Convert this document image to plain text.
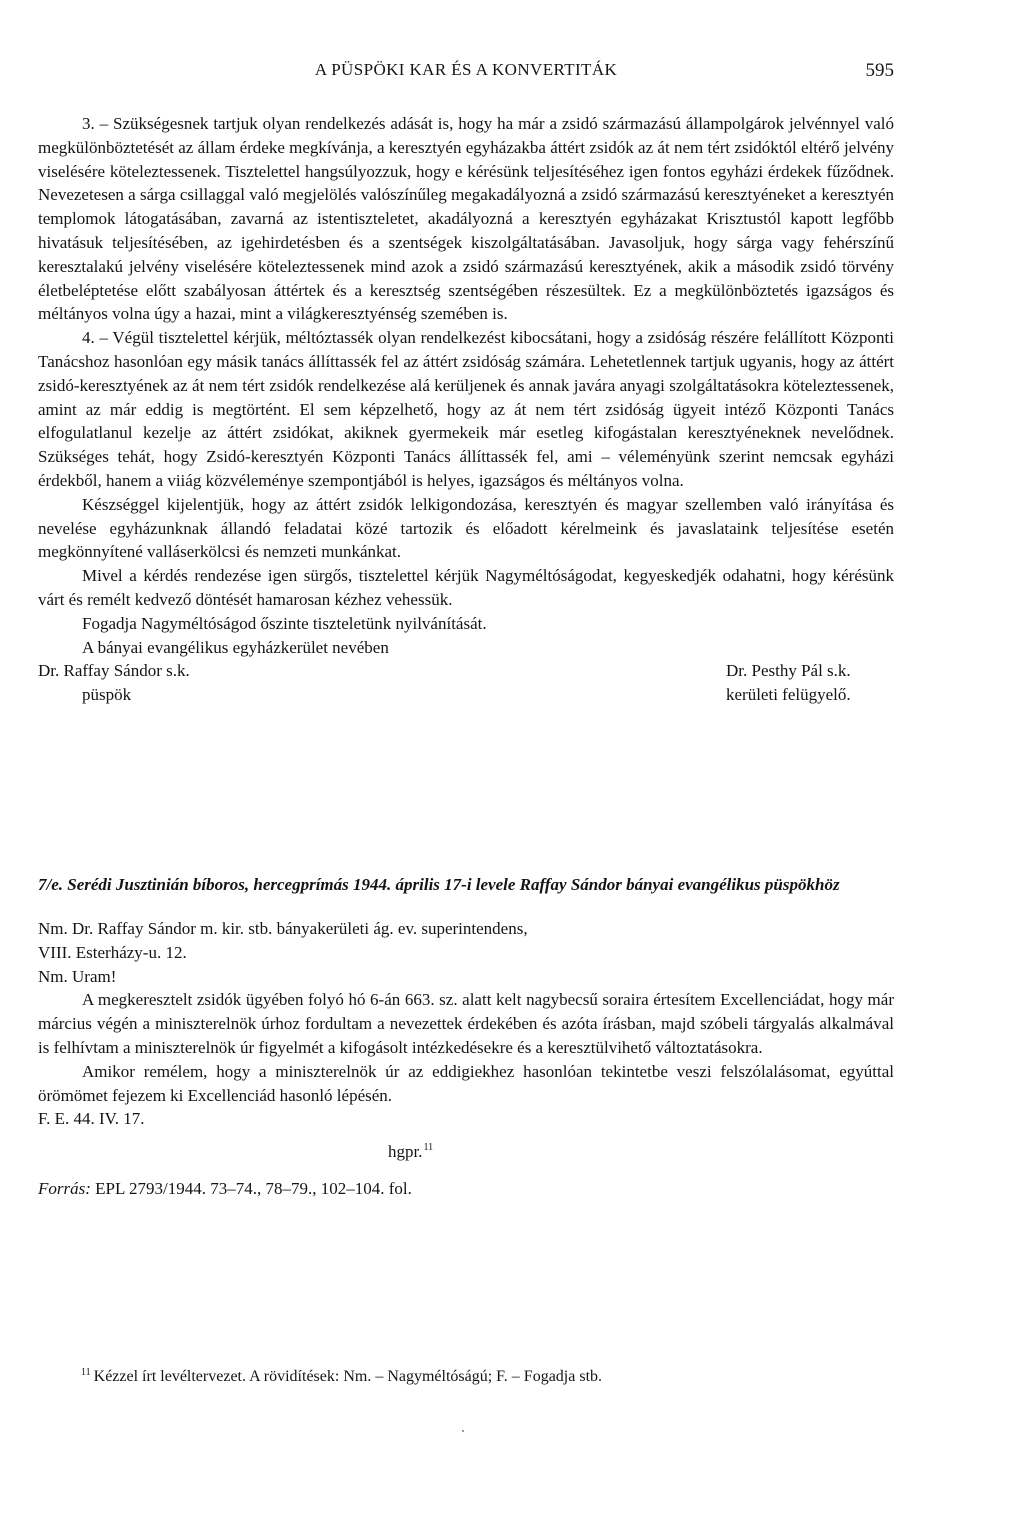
A PÜSPÖKI KAR ÉS A KONVERTITÁK	595

3. – Szükségesnek tartjuk olyan rendelkezés adását is, hogy ha már a zsidó származású állampolgárok jelvénnyel való megkülönböztetését az állam érdeke megkívánja, a keresztyén egyházakba áttért zsidók az át nem tért zsidóktól eltérő jelvény viselésére köteleztessenek. Tisztelettel hangsúlyozzuk, hogy e kérésünk teljesítéséhez igen fontos egyházi érdekek fűződnek. Nevezetesen a sárga csillaggal való megjelölés valószínűleg megakadályozná a zsidó származású keresztyéneket a keresztyén templomok látogatásában, zavarná az istentiszteletet, akadályozná a keresztyén egyházakat Krisztustól kapott legfőbb hivatásuk teljesítésében, az igehirdetésben és a szentségek kiszolgáltatásában. Javasoljuk, hogy sárga vagy fehérszínű keresztalakú jelvény viselésére köteleztessenek mind azok a zsidó származású keresztyének, akik a második zsidó törvény életbeléptetése előtt szabályosan áttértek és a keresztség szentségében részesültek. Ez a megkülönböztetés igazságos és méltányos volna úgy a hazai, mint a világkeresztyénség szemében is.

4. – Végül tisztelettel kérjük, méltóztassék olyan rendelkezést kibocsátani, hogy a zsidóság részére felállított Központi Tanácshoz hasonlóan egy másik tanács állíttassék fel az áttért zsidóság számára. Lehetetlennek tartjuk ugyanis, hogy az áttért zsidó-keresztyének az át nem tért zsidók rendelkezése alá kerüljenek és annak javára anyagi szolgáltatásokra köteleztessenek, amint az már eddig is megtörtént. El sem képzelhető, hogy az át nem tért zsidóság ügyeit intéző Központi Tanács elfogulatlanul kezelje az áttért zsidókat, akiknek gyermekeik már esetleg kifogástalan keresztyéneknek nevelődnek. Szükséges tehát, hogy Zsidó-keresztyén Központi Tanács állíttassék fel, ami – véleményünk szerint nemcsak egyházi érdekből, hanem a viiág közvéleménye szempontjából is helyes, igazságos és méltányos volna.

Készséggel kijelentjük, hogy az áttért zsidók lelkigondozása, keresztyén és magyar szellemben való irányítása és nevelése egyházunknak állandó feladatai közé tartozik és előadott kérelmeink és javaslataink teljesítése esetén megkönnyítené valláserkölcsi és nemzeti munkánkat.

Mivel a kérdés rendezése igen sürgős, tisztelettel kérjük Nagyméltóságodat, kegyeskedjék odahatni, hogy kérésünk várt és remélt kedvező döntését hamarosan kézhez vehessük.

Fogadja Nagyméltóságod őszinte tiszteletünk nyilvánítását.

A bányai evangélikus egyházkerület nevében

Dr. Raffay Sándor s.k.	Dr. Pesthy Pál s.k.
püspök	kerületi felügyelő.

7/e. Serédi Jusztinián bíboros, hercegprímás 1944. április 17-i levele Raffay Sándor bányai evangélikus püspökhöz

Nm. Dr. Raffay Sándor m. kir. stb. bányakerületi ág. ev. superintendens,

VIII. Esterházy-u. 12.

Nm. Uram!

A megkeresztelt zsidók ügyében folyó hó 6-án 663. sz. alatt kelt nagybecsű soraira értesítem Excellenciádat, hogy már március végén a miniszterelnök úrhoz fordultam a nevezettek érdekében és azóta írásban, majd szóbeli tárgyalás alkalmával is felhívtam a miniszterelnök úr figyelmét a kifogásolt intézkedésekre és a keresztülvihető változtatásokra.

Amikor remélem, hogy a miniszterelnök úr az eddigiekhez hasonlóan tekintetbe veszi felszólalásomat, egyúttal örömömet fejezem ki Excellenciád hasonló lépésén.

F. E. 44. IV. 17.

hgpr.$^{11}$
Forrás: EPL 2793/1944. 73–74., 78–79., 102–104. fol.
$^{11}$ Kézzel írt levéltervezet. A rövidítések: Nm. – Nagyméltóságú; F. – Fogadja stb.
